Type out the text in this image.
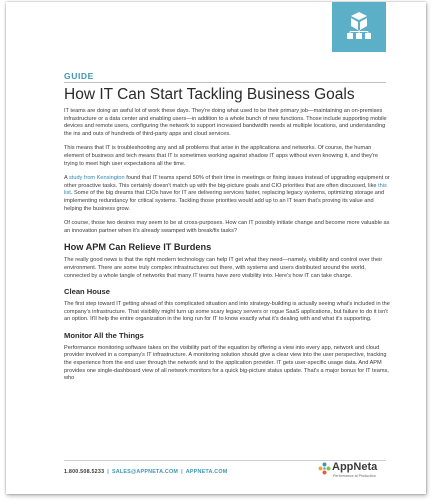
GUIDE
How IT Can Start Tackling Business Goals

IT teams are doing an awful lot of work these days. They're doing what used to be their primary job—maintaining an on-premises infrastructure or a data center and enabling users—in addition to a whole bunch of new functions. Those include supporting mobile devices and remote users, configuring the network to support increased bandwidth needs at multiple locations, and understanding the ins and outs of hundreds of third-party apps and cloud services.

This means that IT is troubleshooting any and all problems that arise in the applications and networks. Of course, the human element of business and tech means that IT is sometimes working against shadow IT apps without even knowing it, and they're trying to meet high user expectations all the time.

A study from Kensington found that IT teams spend 50% of their time in meetings or fixing issues instead of upgrading equipment or other proactive tasks. This certainly doesn't match up with the big-picture goals and CIO priorities that are often discussed, like this list. Some of the big dreams that CIOs have for IT are delivering services faster, replacing legacy systems, optimizing storage and implementing redundancy for critical systems. Tackling those priorities would add up to an IT team that's proving its value and helping the business grow.

Of course, those two desires may seem to be at cross-purposes. How can IT possibly initiate change and become more valuable as an innovation partner when it's already swamped with break/fix tasks?

How APM Can Relieve IT Burdens

The really good news is that the right modern technology can help IT get what they need—namely, visibility and control over their environment. There are some truly complex infrastructures out there, with systems and users distributed around the world, connected by a whole tangle of networks that many IT teams have zero visibility into. Here's how IT can take charge.

Clean House

The first step toward IT getting ahead of this complicated situation and into strategy-building is actually seeing what's included in the company's infrastructure. That visibility might turn up some scary legacy servers or rogue SaaS applications, but failure to do it isn't an option. It'll help the entire organization in the long run for IT to know exactly what it's dealing with and what it's supporting.

Monitor All the Things

Performance monitoring software takes on the visibility part of the equation by offering a view into every app, network and cloud provider involved in a company's IT infrastructure. A monitoring solution should give a clear view into the user perspective, tracking the experience from the end user through the network and to the application provider. IT gets user-specific usage data. And APM provides one single-dashboard view of all network monitors for a quick big-picture status update. That's a major bonus for IT teams, who

1.800.508.5233 | SALES@APPNETA.COM | APPNETA.COM	AppNeta
Performance at Production
